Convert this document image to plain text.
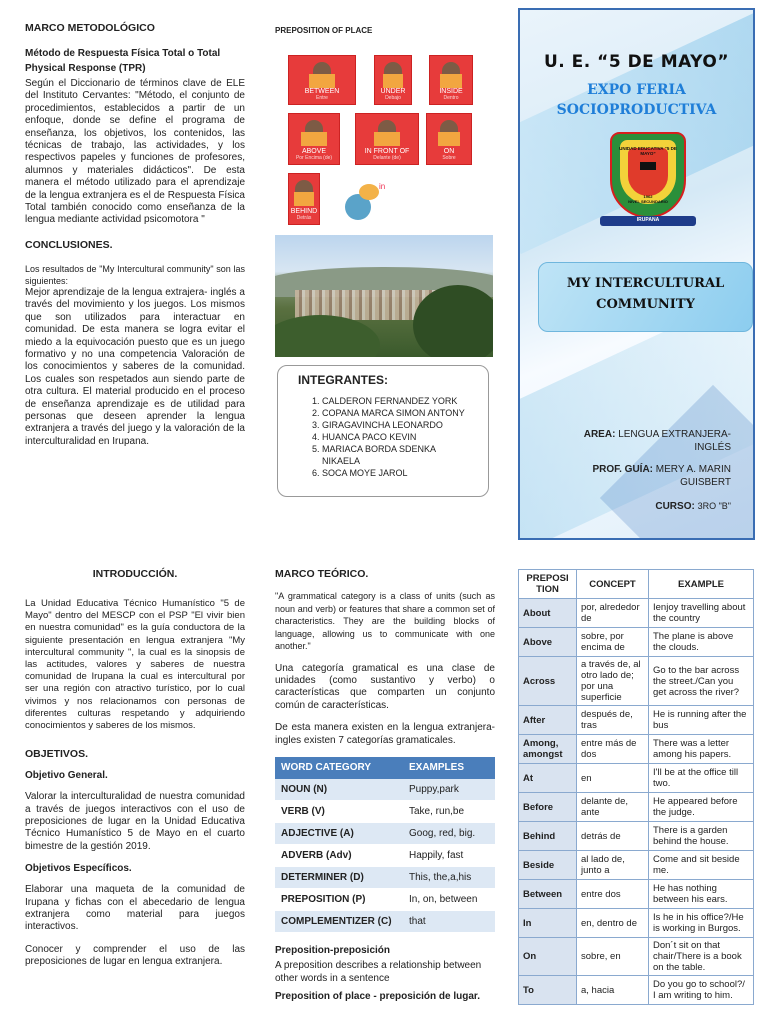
MARCO METODOLÓGICO
Método de Respuesta Física Total o Total Physical Response (TPR)
Según el Diccionario de términos clave de ELE del Instituto Cervantes: "Método, el conjunto de procedimientos, establecidos a partir de un enfoque, donde se define el programa de enseñanza, los objetivos, los contenidos, las técnicas de trabajo, las actividades, y los respectivos papeles y funciones de profesores, alumnos y materiales didácticos". De esta manera el método utilizado para el aprendizaje de la lengua extranjera es el de Respuesta Física Total también conocido como enseñanza de la lengua mediante actividad psicomotora "
CONCLUSIONES.
Los resultados de "My Intercultural community" son las siguientes:
Mejor aprendizaje de la lengua extrajera- inglés a través del movimiento y los juegos. Los mismos que son utilizados para interactuar en comunidad. De esta manera se logra evitar el miedo a la equivocación puesto que es un juego formativo y no una competencia Valoración de los conocimientos y saberes de la comunidad. Los cuales son respetados aun siendo parte de otra cultura. El material producido en el proceso de enseñanza aprendizaje es de utilidad para personas que deseen aprender la lengua extranjera a través del juego y la valoración de la interculturalidad en Irupana.
PREPOSITION OF PLACE
BETWEEN
Entre
UNDER
Debajo
INSIDE
Dentro
ABOVE
Por Encima (de)
IN FRONT OF
Delante (de)
ON
Sobre
BEHIND
Detrás
in
INTEGRANTES:
1. CALDERON FERNANDEZ YORK
2. COPANA MARCA SIMON ANTONY
3. GIRAGAVINCHA LEONARDO
4. HUANCA PACO KEVIN
5. MARIACA BORDA SDENKA NIKAELA
6. SOCA MOYE JAROL
U. E. “5 DE MAYO”
EXPO FERIA
SOCIOPRODUCTIVA
UNIDAD EDUCATIVA “5 DE MAYO”
1962
NIVEL SECUNDARIO
IRUPANA
MY INTERCULTURAL
COMMUNITY
AREA: LENGUA EXTRANJERA-INGLÉS
PROF. GUÍA: MERY A. MARIN GUISBERT
CURSO: 3RO "B"
INTRODUCCIÓN.
La Unidad Educativa Técnico Humanístico "5 de Mayo" dentro del MESCP con el PSP "El vivir bien en nuestra comunidad" es la guía conductora de la siguiente presentación en lengua extranjera "My intercultural community ", la cual es la sinopsis de las actitudes, valores y saberes de nuestra comunidad de Irupana la cual es intercultural por ser una región con atractivo turístico, por lo cual vivimos y nos relacionamos con personas de diferentes culturas respetando y adquiriendo conocimientos y saberes de los mismos.
OBJETIVOS.
Objetivo General.
Valorar la interculturalidad de nuestra comunidad a través de juegos interactivos con el uso de preposiciones de lugar en la Unidad Educativa Técnico Humanístico 5 de Mayo en el cuarto bimestre de la gestión 2019.
Objetivos Específicos.
Elaborar una maqueta de la comunidad de Irupana y fichas con el abecedario de lengua extranjera como material para juegos interactivos.
Conocer y comprender el uso de las preposiciones de lugar en lengua extranjera.
MARCO TEÓRICO.
"A grammatical category is a class of units (such as noun and verb) or features that share a common set of characteristics. They are the building blocks of language, allowing us to communicate with one another."
Una categoría gramatical es una clase de unidades (como sustantivo y verbo) o características que comparten un conjunto común de características.
De esta manera existen en la lengua extranjera-ingles existen 7 categorías gramaticales.
WORD CATEGORY	EXAMPLES
NOUN (N)	Puppy,park
VERB (V)	Take, run,be
ADJECTIVE (A)	Goog, red, big.
ADVERB (Adv)	Happily, fast
DETERMINER (D)	This, the,a,his
PREPOSITION (P)	In, on, between
COMPLEMENTIZER (C)	that
Preposition-preposición
A preposition describes a relationship between other words in a sentence
Preposition of place - preposición de lugar.
PREPOSI TION	CONCEPT	EXAMPLE
About	por, alrededor de	Ienjoy travelling about the country
Above	sobre, por encima de	The plane is above the clouds.
Across	a través de, al otro lado de; por una superficie	Go to the bar across the street./Can you get across the river?
After	después de, tras	He is running after the bus
Among, amongst	entre más de dos	There was a letter among his papers.
At	en	I'll be at the office till two.
Before	delante de, ante	He appeared before the judge.
Behind	detrás de	There is a garden behind the house.
Beside	al lado de, junto a	Come and sit beside me.
Between	entre dos	He has nothing between his ears.
In	en, dentro de	Is he in his office?/He is working in Burgos.
On	sobre, en	Don´t sit on that chair/There is a book on the table.
To	a, hacia	Do you go to school?/ I am writing to him.
